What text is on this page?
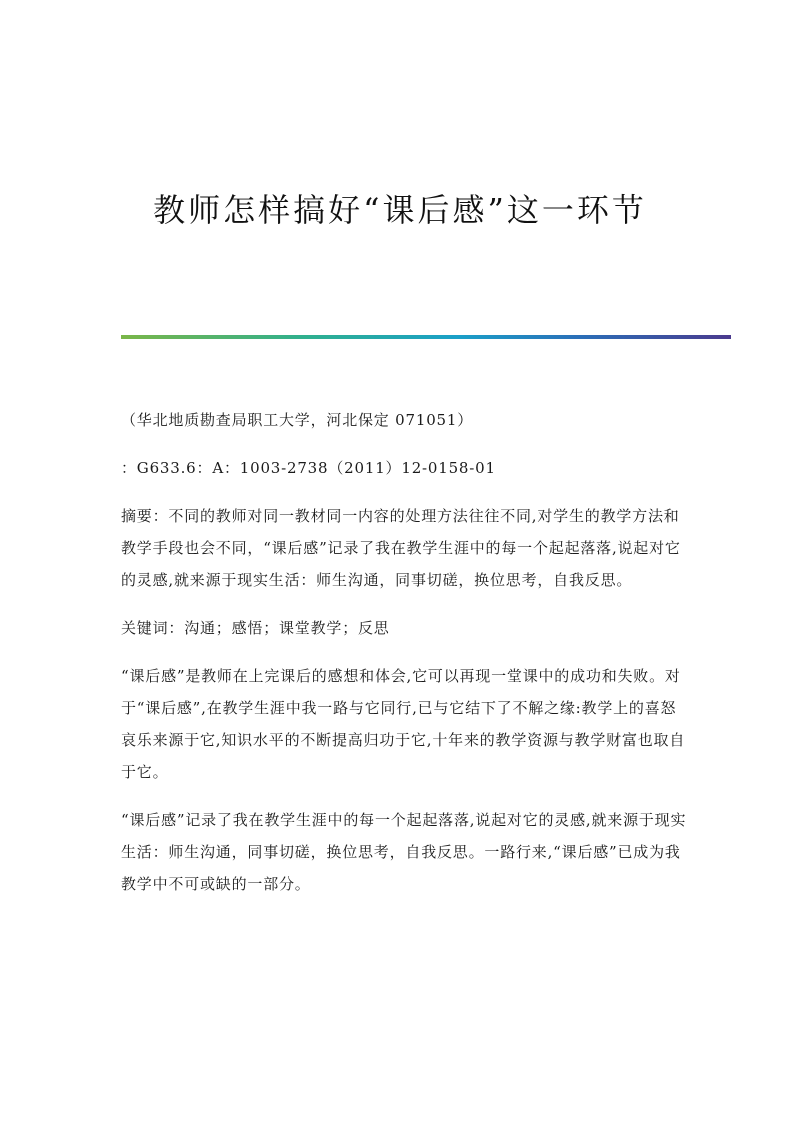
教师怎样搞好“课后感”这一环节

（华北地质勘查局职工大学，河北保定 071051）

：G633.6：A：1003-2738（2011）12-0158-01

摘要：不同的教师对同一教材同一内容的处理方法往往不同,对学生的教学方法和教学手段也会不同，“课后感”记录了我在教学生涯中的每一个起起落落,说起对它的灵感,就来源于现实生活：师生沟通，同事切磋，换位思考，自我反思。

关键词：沟通；感悟；课堂教学；反思

“课后感”是教师在上完课后的感想和体会,它可以再现一堂课中的成功和失败。对于“课后感”,在教学生涯中我一路与它同行,已与它结下了不解之缘:教学上的喜怒哀乐来源于它,知识水平的不断提高归功于它,十年来的教学资源与教学财富也取自于它。

“课后感”记录了我在教学生涯中的每一个起起落落,说起对它的灵感,就来源于现实生活：师生沟通，同事切磋，换位思考，自我反思。一路行来,“课后感”已成为我教学中不可或缺的一部分。
